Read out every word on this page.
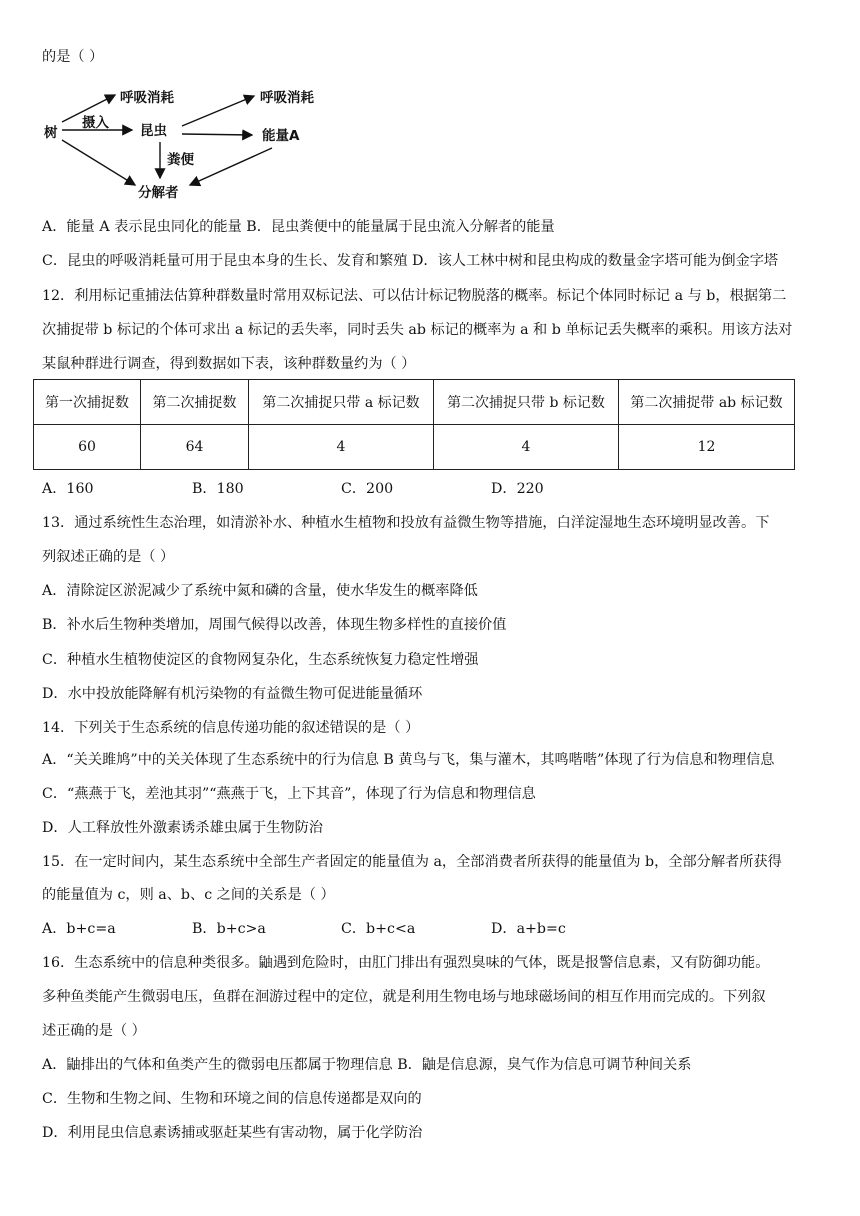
的是（ ）
树
呼吸消耗
昆虫
呼吸消耗
能量A
分解者
摄入
粪便
A．能量 A 表示昆虫同化的能量 B．昆虫粪便中的能量属于昆虫流入分解者的能量
C．昆虫的呼吸消耗量可用于昆虫本身的生长、发育和繁殖 D．该人工林中树和昆虫构成的数量金字塔可能为倒金字塔
12．利用标记重捕法估算种群数量时常用双标记法、可以估计标记物脱落的概率。标记个体同时标记 a 与 b，根据第二
次捕捉带 b 标记的个体可求出 a 标记的丢失率，同时丢失 ab 标记的概率为 a 和 b 单标记丢失概率的乘积。用该方法对
某鼠种群进行调查，得到数据如下表，该种群数量约为（ ）
第一次捕捉数	第二次捕捉数	第二次捕捉只带 a 标记数	第二次捕捉只带 b 标记数	第二次捕捉带 ab 标记数
60	64	4	4	12
A．160	B．180	C．200	D．220
13．通过系统性生态治理，如清淤补水、种植水生植物和投放有益微生物等措施，白洋淀湿地生态环境明显改善。下
列叙述正确的是（ ）
A．清除淀区淤泥减少了系统中氮和磷的含量，使水华发生的概率降低
B．补水后生物种类增加，周围气候得以改善，体现生物多样性的直接价值
C．种植水生植物使淀区的食物网复杂化，生态系统恢复力稳定性增强
D．水中投放能降解有机污染物的有益微生物可促进能量循环
14．下列关于生态系统的信息传递功能的叙述错误的是（ ）
A．“关关雎鸠”中的关关体现了生态系统中的行为信息 B 黄鸟与飞，集与灌木，其鸣喈喈”体现了行为信息和物理信息
C．“燕燕于飞，差池其羽”“燕燕于飞，上下其音”，体现了行为信息和物理信息
D．人工释放性外激素诱杀雄虫属于生物防治
15．在一定时间内，某生态系统中全部生产者固定的能量值为 a，全部消费者所获得的能量值为 b，全部分解者所获得
的能量值为 c，则 a、b、c 之间的关系是（ ）
A．b+c=a	B．b+c>a	C．b+c<a	D．a+b=c
16．生态系统中的信息种类很多。鼬遇到危险时，由肛门排出有强烈臭味的气体，既是报警信息素，又有防御功能。
多种鱼类能产生微弱电压，鱼群在洄游过程中的定位，就是利用生物电场与地球磁场间的相互作用而完成的。下列叙
述正确的是（ ）
A．鼬排出的气体和鱼类产生的微弱电压都属于物理信息 B．鼬是信息源，臭气作为信息可调节种间关系
C．生物和生物之间、生物和环境之间的信息传递都是双向的
D．利用昆虫信息素诱捕或驱赶某些有害动物，属于化学防治
